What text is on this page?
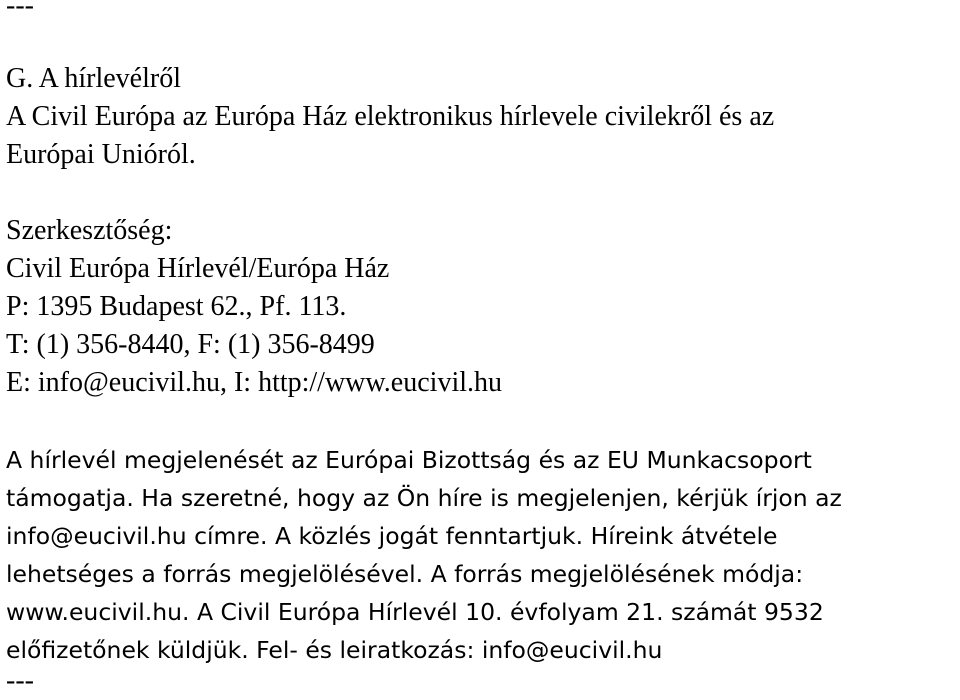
---

G. A hírlevélről

A Civil Európa az Európa Ház elektronikus hírlevele civilekről és az

Európai Unióról.

Szerkesztőség:

Civil Európa Hírlevél/Európa Ház

P: 1395 Budapest 62., Pf. 113.

T: (1) 356-8440, F: (1) 356-8499

E: info@eucivil.hu, I: http://www.eucivil.hu

A hírlevél megjelenését az Európai Bizottság és az EU Munkacsoport

támogatja. Ha szeretné, hogy az Ön híre is megjelenjen, kérjük írjon az

info@eucivil.hu címre. A közlés jogát fenntartjuk. Híreink átvétele

lehetséges a forrás megjelölésével. A forrás megjelölésének módja:

www.eucivil.hu. A Civil Európa Hírlevél 10. évfolyam 21. számát 9532

előfizetőnek küldjük. Fel- és leiratkozás: info@eucivil.hu

---
